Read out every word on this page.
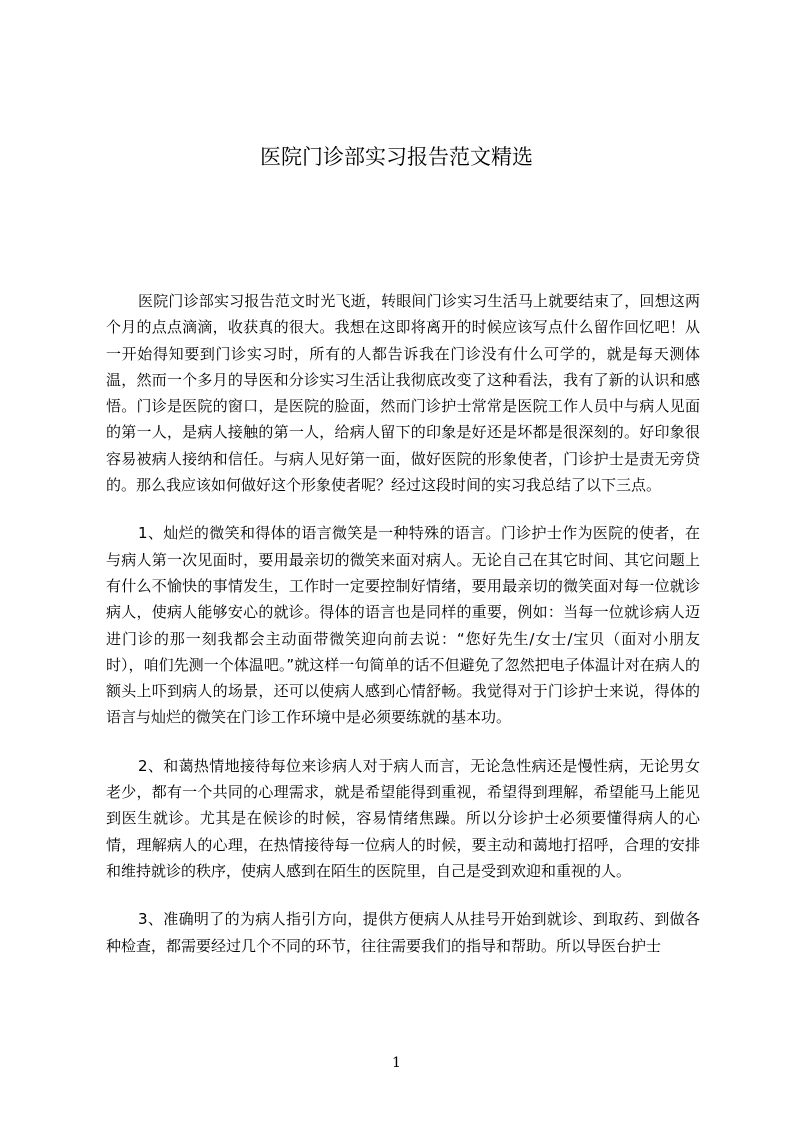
医院门诊部实习报告范文精选

医院门诊部实习报告范文时光飞逝，转眼间门诊实习生活马上就要结束了，回想这两个月的点点滴滴，收获真的很大。我想在这即将离开的时候应该写点什么留作回忆吧！从一开始得知要到门诊实习时，所有的人都告诉我在门诊没有什么可学的，就是每天测体温，然而一个多月的导医和分诊实习生活让我彻底改变了这种看法，我有了新的认识和感悟。门诊是医院的窗口，是医院的脸面，然而门诊护士常常是医院工作人员中与病人见面的第一人，是病人接触的第一人，给病人留下的印象是好还是坏都是很深刻的。好印象很容易被病人接纳和信任。与病人见好第一面，做好医院的形象使者，门诊护士是责无旁贷的。那么我应该如何做好这个形象使者呢？经过这段时间的实习我总结了以下三点。

1、灿烂的微笑和得体的语言微笑是一种特殊的语言。门诊护士作为医院的使者，在与病人第一次见面时，要用最亲切的微笑来面对病人。无论自己在其它时间、其它问题上有什么不愉快的事情发生，工作时一定要控制好情绪，要用最亲切的微笑面对每一位就诊病人，使病人能够安心的就诊。得体的语言也是同样的重要，例如：当每一位就诊病人迈进门诊的那一刻我都会主动面带微笑迎向前去说：“您好先生/女士/宝贝（面对小朋友时），咱们先测一个体温吧。”就这样一句简单的话不但避免了忽然把电子体温计对在病人的额头上吓到病人的场景，还可以使病人感到心情舒畅。我觉得对于门诊护士来说，得体的语言与灿烂的微笑在门诊工作环境中是必须要练就的基本功。

2、和蔼热情地接待每位来诊病人对于病人而言，无论急性病还是慢性病，无论男女老少，都有一个共同的心理需求，就是希望能得到重视，希望得到理解，希望能马上能见到医生就诊。尤其是在候诊的时候，容易情绪焦躁。所以分诊护士必须要懂得病人的心情，理解病人的心理，在热情接待每一位病人的时候，要主动和蔼地打招呼，合理的安排和维持就诊的秩序，使病人感到在陌生的医院里，自己是受到欢迎和重视的人。

3、准确明了的为病人指引方向，提供方便病人从挂号开始到就诊、到取药、到做各种检查，都需要经过几个不同的环节，往往需要我们的指导和帮助。所以导医台护士

1
